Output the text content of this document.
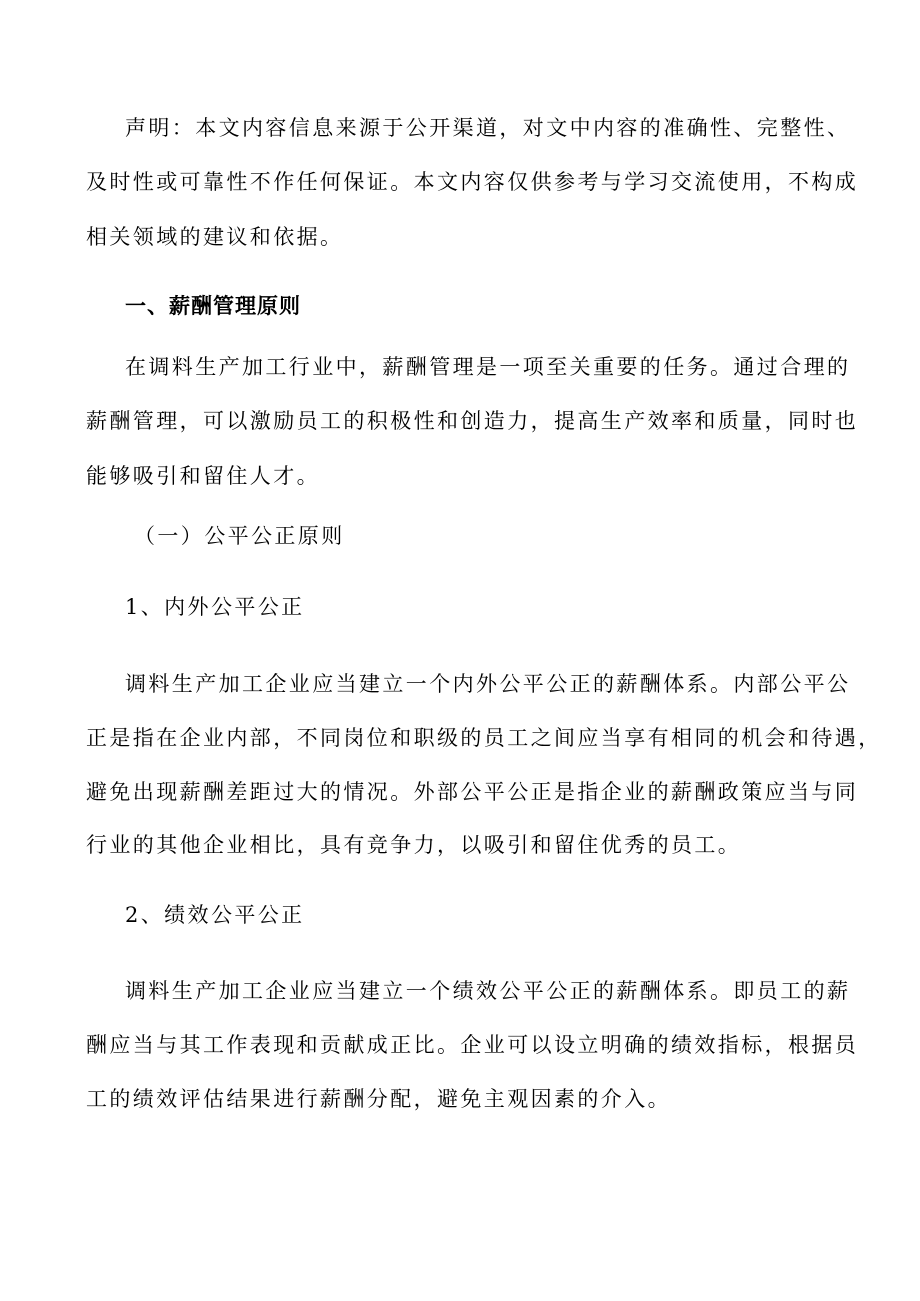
声明：本文内容信息来源于公开渠道，对文中内容的准确性、完整性、
及时性或可靠性不作任何保证。本文内容仅供参考与学习交流使用，不构成
相关领域的建议和依据。
一、薪酬管理原则
在调料生产加工行业中，薪酬管理是一项至关重要的任务。通过合理的
薪酬管理，可以激励员工的积极性和创造力，提高生产效率和质量，同时也
能够吸引和留住人才。
（一）公平公正原则
1、内外公平公正
调料生产加工企业应当建立一个内外公平公正的薪酬体系。内部公平公
正是指在企业内部，不同岗位和职级的员工之间应当享有相同的机会和待遇，
避免出现薪酬差距过大的情况。外部公平公正是指企业的薪酬政策应当与同
行业的其他企业相比，具有竞争力，以吸引和留住优秀的员工。
2、绩效公平公正
调料生产加工企业应当建立一个绩效公平公正的薪酬体系。即员工的薪
酬应当与其工作表现和贡献成正比。企业可以设立明确的绩效指标，根据员
工的绩效评估结果进行薪酬分配，避免主观因素的介入。
